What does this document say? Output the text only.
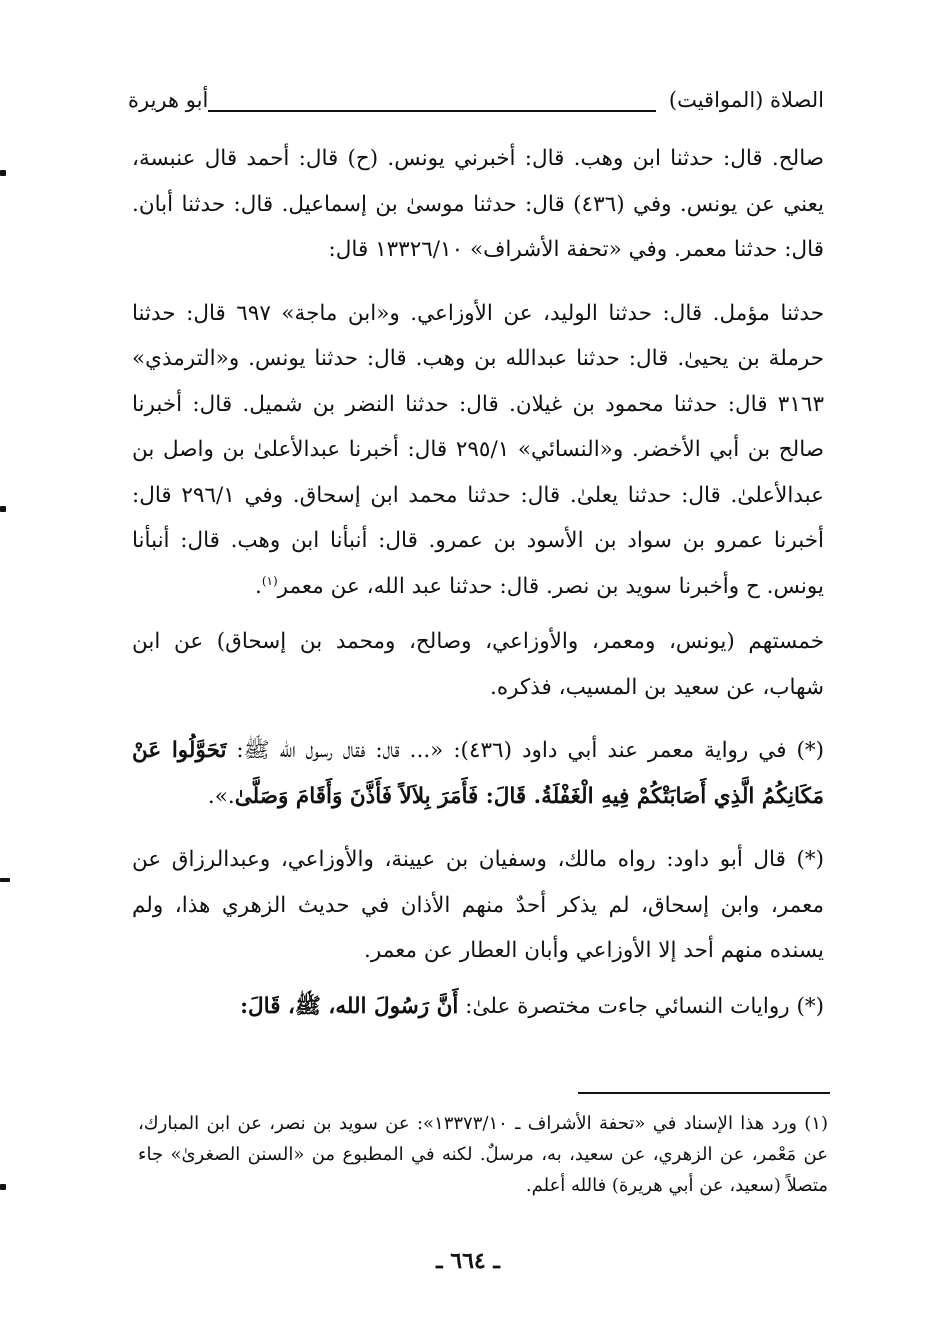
الصلاة (المواقيت)
أبو هريرة

صالح. قال: حدثنا ابن وهب. قال: أخبرني يونس. (ح) قال: أحمد قال عنبسة، يعني عن يونس. وفي (٤٣٦) قال: حدثنا موسىٰ بن إسماعيل. قال: حدثنا أبان. قال: حدثنا معمر. وفي «تحفة الأشراف» ١٣٣٢٦/١٠ قال:

حدثنا مؤمل. قال: حدثنا الوليد، عن الأوزاعي. و«ابن ماجة» ٦٩٧ قال: حدثنا حرملة بن يحيىٰ. قال: حدثنا عبدالله بن وهب. قال: حدثنا يونس. و«الترمذي» ٣١٦٣ قال: حدثنا محمود بن غيلان. قال: حدثنا النضر بن شميل. قال: أخبرنا صالح بن أبي الأخضر. و«النسائي» ٢٩٥/١ قال: أخبرنا عبدالأعلىٰ بن واصل بن عبدالأعلىٰ. قال: حدثنا يعلىٰ. قال: حدثنا محمد ابن إسحاق. وفي ٢٩٦/١ قال: أخبرنا عمرو بن سواد بن الأسود بن عمرو. قال: أنبأنا ابن وهب. قال: أنبأنا يونس. ح وأخبرنا سويد بن نصر. قال: حدثنا عبد الله، عن معمر$^{(١)}$.

خمستهم (يونس، ومعمر، والأوزاعي، وصالح، ومحمد بن إسحاق) عن ابن شهاب، عن سعيد بن المسيب، فذكره.

(*) في رواية معمر عند أبي داود (٤٣٦): «... قال: فقال رسول الله ﷺ: تَحَوَّلُوا عَنْ مَكَانِكُمُ الَّذِي أَصَابَتْكُمْ فِيهِ الْغَفْلَةُ. قَالَ: فَأَمَرَ بِلاَلاً فَأَذَّنَ وَأَقَامَ وَصَلَّىٰ.».

(*) قال أبو داود: رواه مالك، وسفيان بن عيينة، والأوزاعي، وعبدالرزاق عن معمر، وابن إسحاق، لم يذكر أحدٌ منهم الأذان في حديث الزهري هذا، ولم يسنده منهم أحد إلا الأوزاعي وأبان العطار عن معمر.

(*) روايات النسائي جاءت مختصرة علىٰ: أَنَّ رَسُولَ الله، ﷺ، قَالَ:

(١) ورد هذا الإسناد في «تحفة الأشراف ـ ١٣٣٧٣/١٠»: عن سويد بن نصر، عن ابن المبارك، عن مَعْمر، عن الزهري، عن سعيد، به، مرسلٌ. لكنه في المطبوع من «السنن الصغرىٰ» جاء متصلاً (سعيد، عن أبي هريرة) فالله أعلم.

ـ ٦٦٤ ـ
